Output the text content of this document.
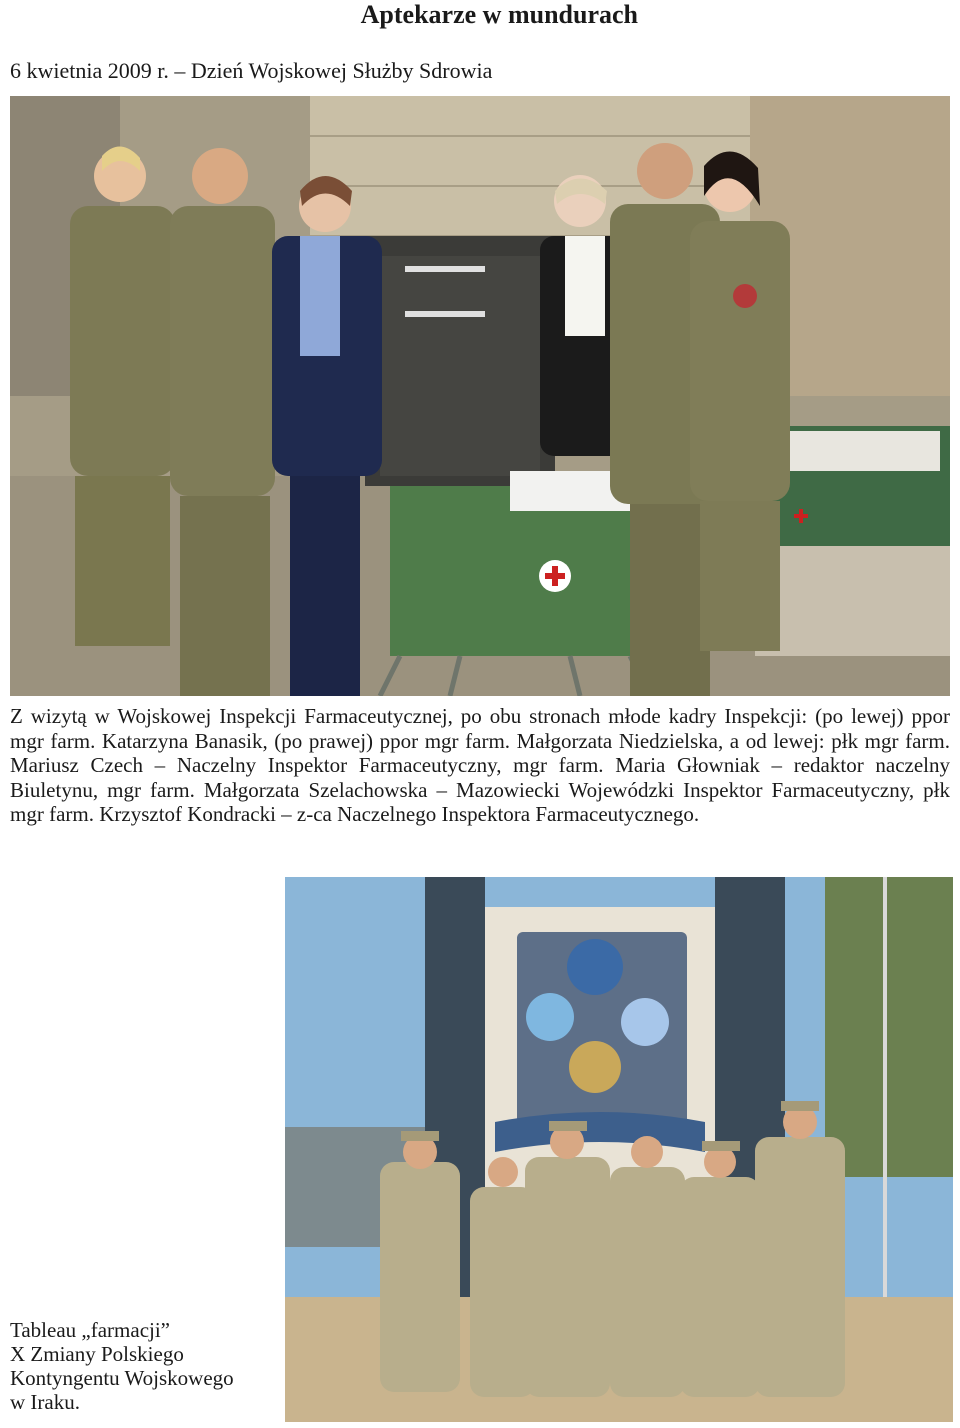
Aptekarze w mundurach
6 kwietnia 2009 r. – Dzień Wojskowej Służby Sdrowia

Z wizytą w Wojskowej Inspekcji Farmaceutycznej, po obu stronach młode kadry Inspekcji: (po lewej) ppor mgr farm. Katarzyna Banasik, (po prawej) ppor mgr farm. Małgorzata Niedzielska, a od lewej: płk mgr farm. Mariusz Czech – Naczelny Inspektor Farmaceutyczny, mgr farm. Maria Głowniak – redaktor naczelny Biuletynu, mgr farm. Małgorzata Szelachowska – Mazowiecki Wojewódzki Inspektor Farmaceutyczny, płk mgr farm. Krzysztof Kondracki – z-ca Naczelnego Inspektora Farmaceutycznego.

Tableau „farmacji”
X Zmiany Polskiego
Kontyngentu Wojskowego
w Iraku.
